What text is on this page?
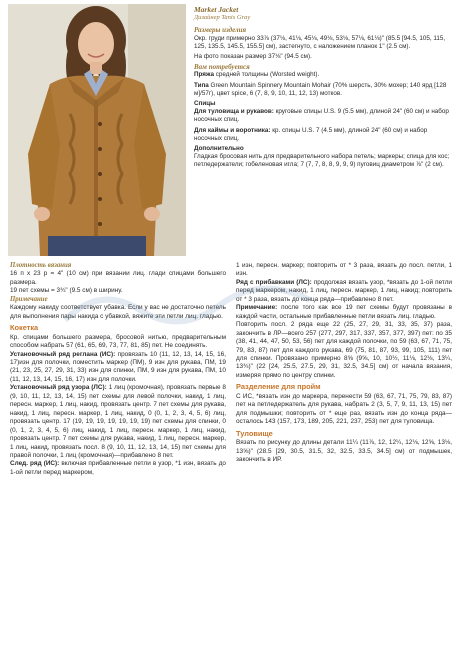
Market Jacket
Дизайнер Tanis Gray
Размеры изделия
Окр. груди примерно 33⅞ (37⅛, 41⅛, 45⅛, 49⅛, 53⅛, 57⅛, 61⅛)" (85.5 [94.5, 105, 115, 125, 135.5, 145.5, 155.5] см), застегнуто, с наложением планок 1" (2.5 см).
На фото показан размер 37⅛" (94.5 см).
Вам потребуется
Пряжа средней толщины (Worsted weight).
Типа Green Mountain Spinnery Mountain Mohair (70% шерсть, 30% мохер; 140 ярд [128 м]/57г), цвет spice, 6 (7, 8, 9, 10, 11, 12, 13) мотков.
Спицы
Для туловища и рукавов: круговые спицы U.S. 9 (5.5 мм), длиной 24" (60 см) и набор носочных спиц.
Для каймы и воротника: кр. спицы U.S. 7 (4.5 мм), длиной 24" (60 см) и набор носочных спиц.
Дополнительно
Гладкая бросовая нить для предварительного набора петель; маркеры; спица для кос; петледержатели; гобеленовая игла; 7 (7, 7, 8, 8, 9, 9, 9) пуговиц диаметром ⅞" (2 см).
Плотность вязания
16 п x 23 р = 4" (10 см) при вязании лиц. глади спицами большего размера.
19 пет схемы = 3¾" (9.5 см) в ширину.
Примечание
Каждому накиду соответствует убавка. Если у вас не достаточно петель для выполнения пары накида с убавкой, вяжите эти петли лиц. гладью.
Кокетка
Кр. спицами большего размера, бросовой нитью, предварительным способом набрать 57 (61, 65, 69, 73, 77, 81, 85) пет. Не соединять.
Установочный ряд реглана (ИС): провязать 10 (11, 12, 13, 14, 15, 16, 17)изн для полочки, поместить маркер (ПМ), 9 изн для рукава, ПМ, 19 (21, 23, 25, 27, 29, 31, 33) изн для спинки, ПМ, 9 изн для рукава, ПМ, 10 (11, 12, 13, 14, 15, 16, 17) изн для полочки.
Установочный ряд узора (ЛС): 1 лиц (кромочная), провязать первые 8 (9, 10, 11, 12, 13, 14, 15) пет схемы для левой полочки, накид, 1 лиц, пересн. маркер, 1 лиц, накид, провязать центр. 7 пет схемы для рукава, накид, 1 лиц, пересн. маркер, 1 лиц, накид, 0 (0, 1, 2, 3, 4, 5, 6) лиц, провязать центр. 17 (19, 19, 19, 19, 19, 19, 19) пет схемы для спинки, 0 (0, 1, 2, 3, 4, 5, 6) лиц, накид, 1 лиц, пересн. маркер, 1 лиц, накид, провязать центр. 7 пет схемы для рукава, накид, 1 лиц, пересн. маркер, 1 лиц, накид, провязать посл. 8 (9, 10, 11, 12, 13, 14, 15) пет схемы для правой полочки, 1 лиц (кромочная)—прибавлено 8 пет.
След. ряд (ИС): включая прибавленные петли в узор, *1 изн, вязать до 1-ой петли перед маркером,
1 изн, пересн. маркер; повторить от * 3 раза, вязать до посл. петли, 1 изн.
Ряд с прибавками (ЛС): продолжая вязать узор, *вязать до 1-ой петли перед маркером, накид, 1 лиц, пересн. маркер, 1 лиц, накид; повторить от * 3 раза, вязать до конца ряда—прибавлено 8 пет.
Примечание: после того как все 19 пет схемы будут провязаны в каждой части, остальные прибавленные петли вязать лиц. гладью.
Повторить посл. 2 ряда еще 22 (25, 27, 29, 31, 33, 35, 37) раза, закончить в ЛР—всего 257 (277, 297, 317, 337, 357, 377, 397) пет: по 35 (38, 41, 44, 47, 50, 53, 56) пет для каждой полочки, по 59 (63, 67, 71, 75, 79, 83, 87) пет для каждого рукава, 69 (75, 81, 87, 93, 99, 105, 111) пет для спинки. Провязано примерно 8⅝ (9⅝, 10, 10½, 11⅛, 12⅛, 13¼, 13¾)" (22 [24, 25.5, 27.5, 29, 31, 32.5, 34.5] см) от начала вязания, измеряя прямо по центру спинки.
Разделение для пройм
С ИС, *вязать изн до маркера, перенести 59 (63, 67, 71, 75, 79, 83, 87) пет на петледержатель для рукава, набрать 2 (3, 5, 7, 9, 11, 13, 15) пет для подмышки; повторить от * еще раз, вязать изн до конца ряда—осталось 143 (157, 173, 189, 205, 221, 237, 253) пет для туловища.
Туловище
Вязать по рисунку до длины детали 11¼ (11⅞, 12, 12¼, 12⅛, 12⅝, 13⅛, 13⅝)" (28.5 [29, 30.5, 31.5, 32, 32.5, 33.5, 34.5] см) от подмышек, закончить в ИР.
